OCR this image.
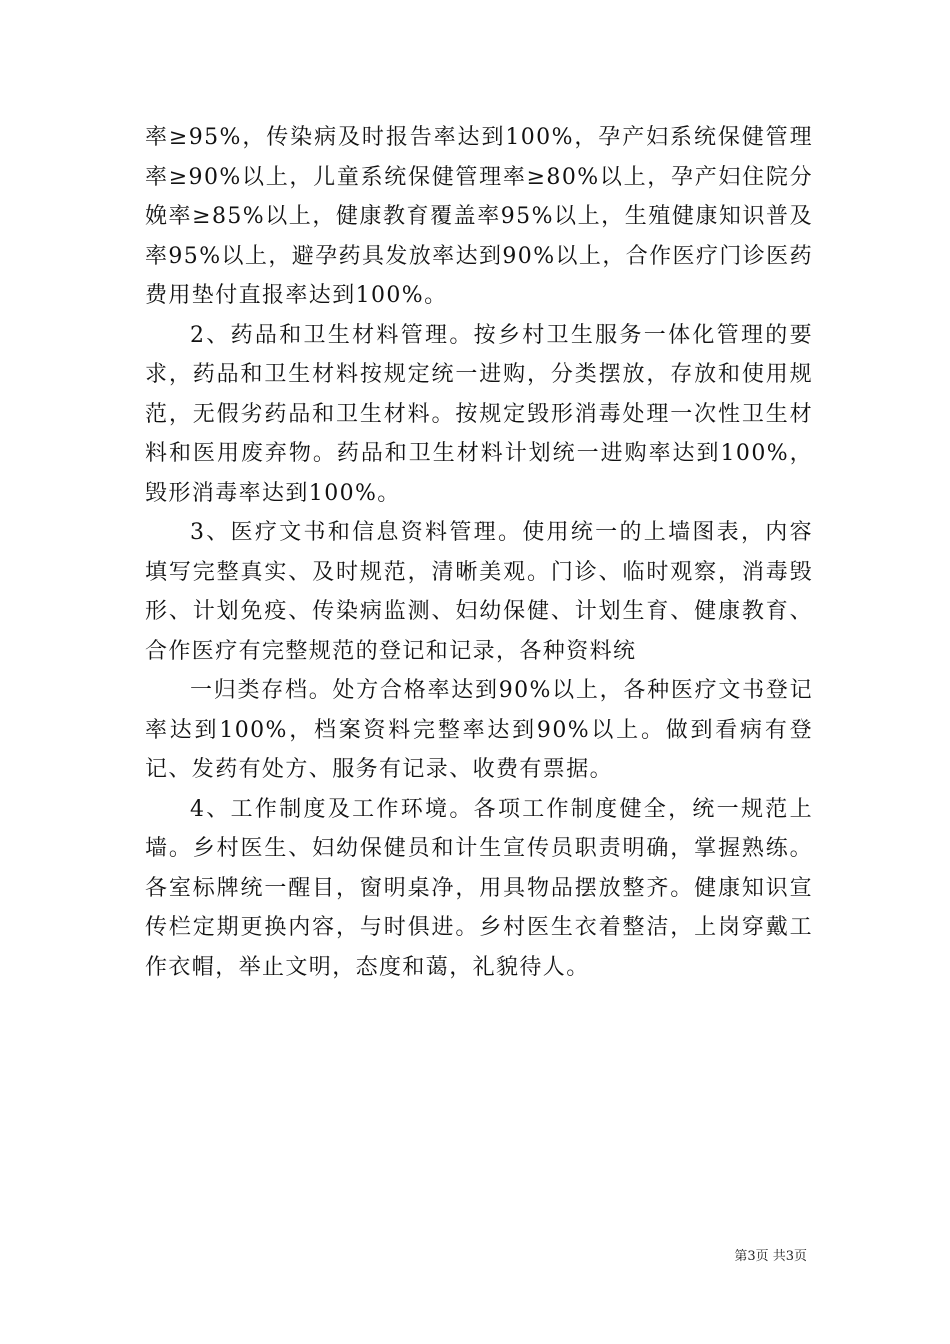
率≥95%，传染病及时报告率达到100%，孕产妇系统保健管理率≥90%以上，儿童系统保健管理率≥80%以上，孕产妇住院分娩率≥85%以上，健康教育覆盖率95%以上，生殖健康知识普及率95%以上，避孕药具发放率达到90%以上，合作医疗门诊医药费用垫付直报率达到100%。

2、药品和卫生材料管理。按乡村卫生服务一体化管理的要求，药品和卫生材料按规定统一进购，分类摆放，存放和使用规范，无假劣药品和卫生材料。按规定毁形消毒处理一次性卫生材料和医用废弃物。药品和卫生材料计划统一进购率达到100%，毁形消毒率达到100%。

3、医疗文书和信息资料管理。使用统一的上墙图表，内容填写完整真实、及时规范，清晰美观。门诊、临时观察，消毒毁形、计划免疫、传染病监测、妇幼保健、计划生育、健康教育、合作医疗有完整规范的登记和记录，各种资料统

一归类存档。处方合格率达到90%以上，各种医疗文书登记率达到100%，档案资料完整率达到90%以上。做到看病有登记、发药有处方、服务有记录、收费有票据。

4、工作制度及工作环境。各项工作制度健全，统一规范上墙。乡村医生、妇幼保健员和计生宣传员职责明确，掌握熟练。各室标牌统一醒目，窗明桌净，用具物品摆放整齐。健康知识宣传栏定期更换内容，与时俱进。乡村医生衣着整洁，上岗穿戴工作衣帽，举止文明，态度和蔼，礼貌待人。

第3页 共3页
